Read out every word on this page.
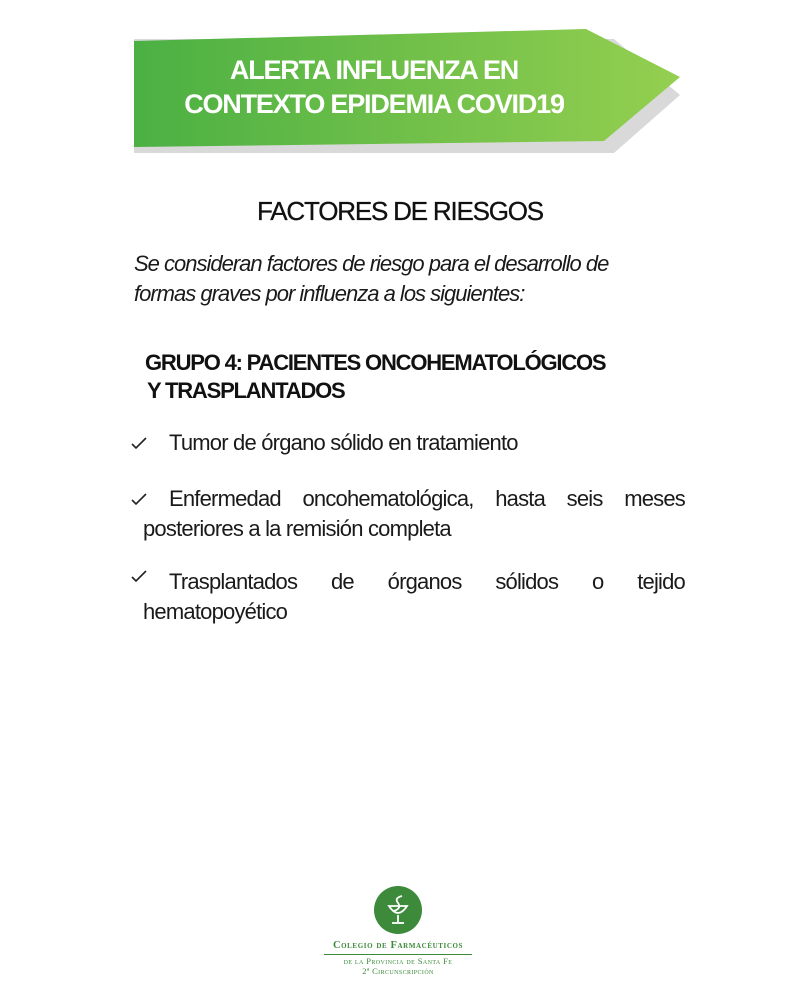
ALERTA INFLUENZA EN
CONTEXTO EPIDEMIA COVID19
FACTORES DE RIESGOS

Se consideran factores de riesgo para el desarrollo de formas graves por influenza a los siguientes:

GRUPO 4: PACIENTES ONCOHEMATOLÓGICOS
Y TRASPLANTADOS
Tumor de órgano sólido en tratamiento
Enfermedad oncohematológica, hasta seis meses
posteriores a la remisión completa
Trasplantados de órganos sólidos o tejido
hematopoyético

Colegio de Farmacéuticos

de la Provincia de Santa Fe

2ª Circunscripción
